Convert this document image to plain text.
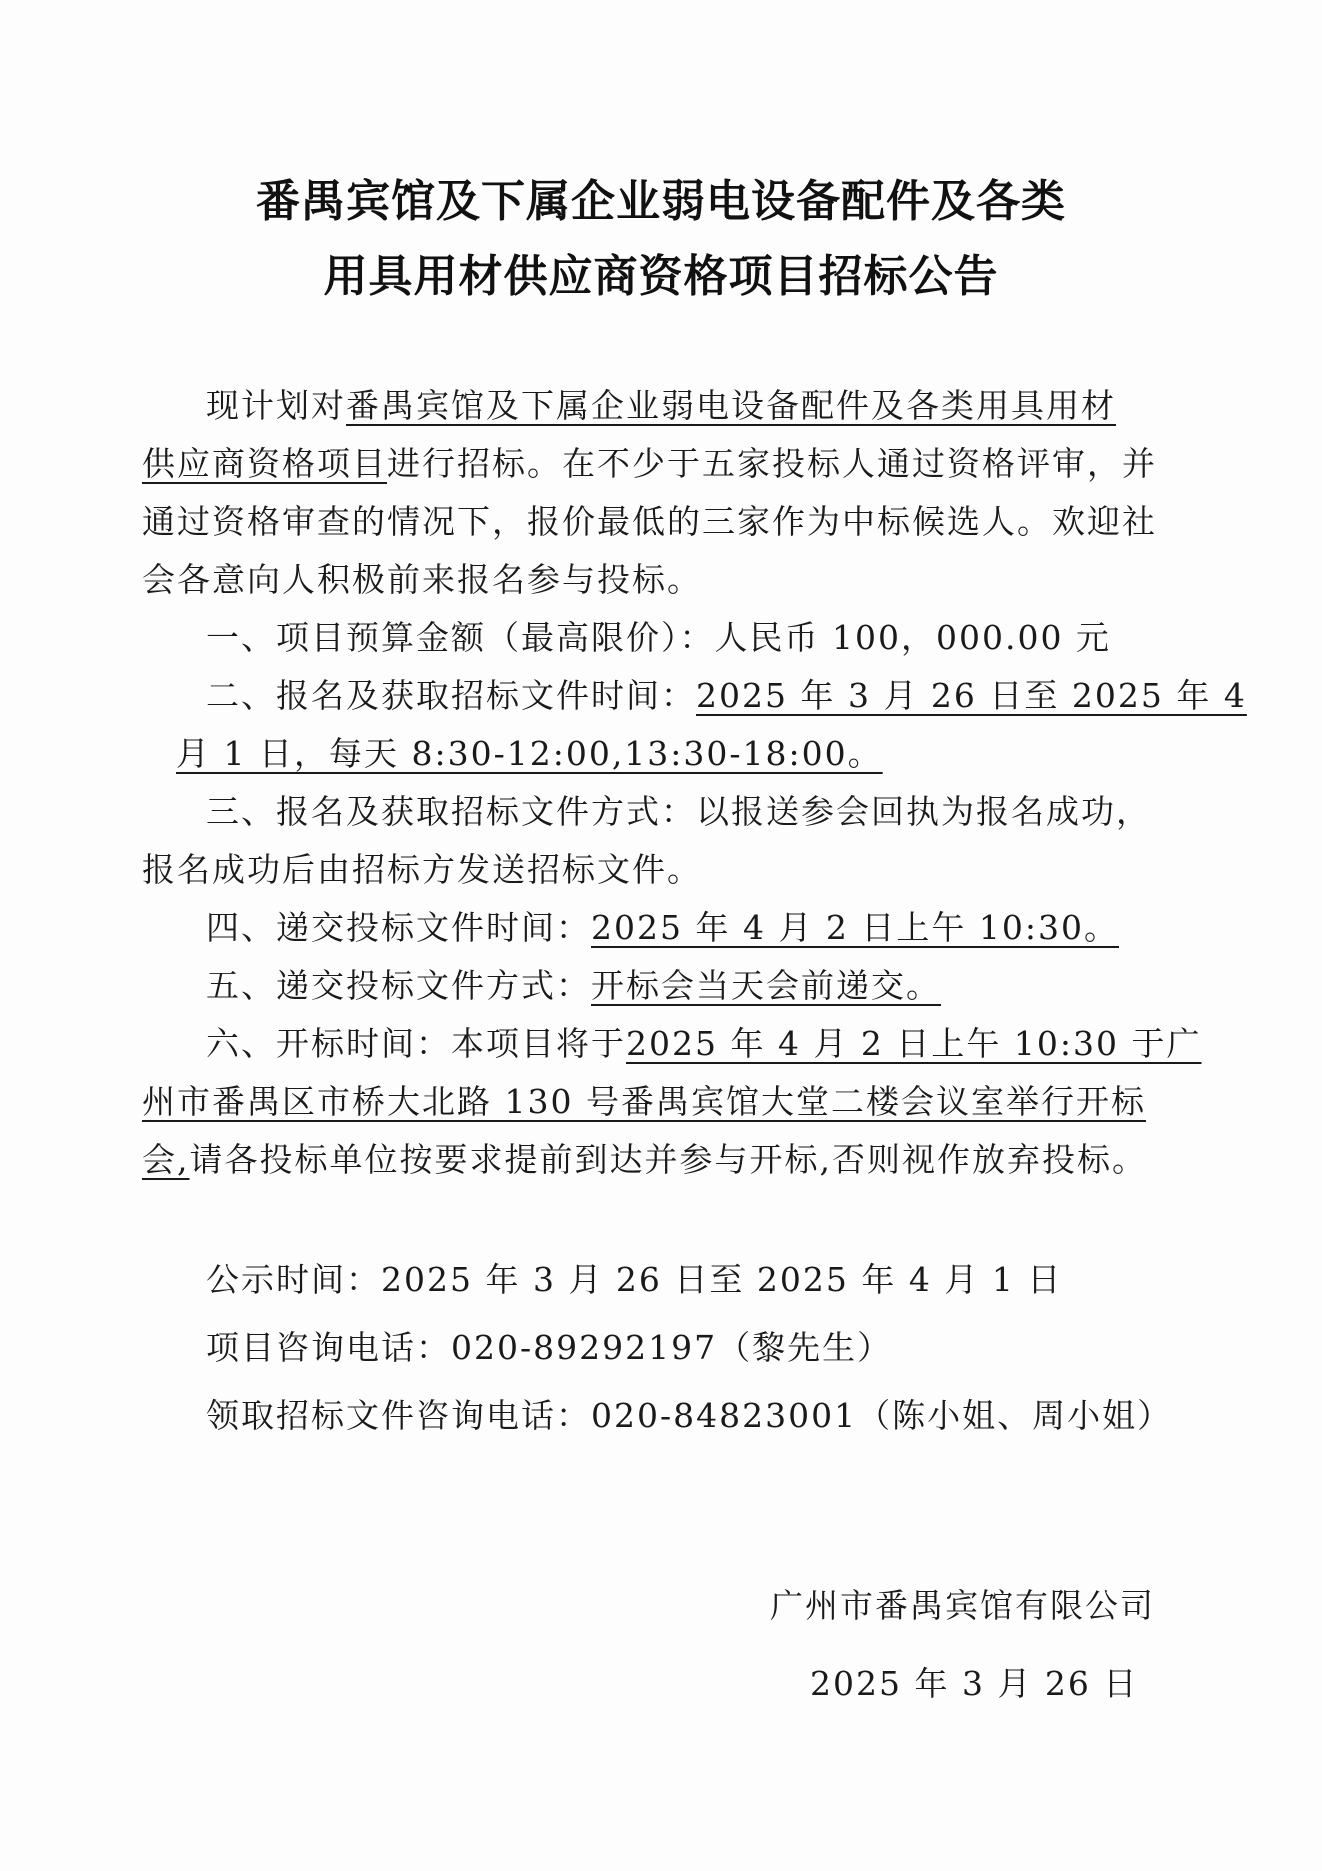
番禺宾馆及下属企业弱电设备配件及各类
用具用材供应商资格项目招标公告
现计划对番禺宾馆及下属企业弱电设备配件及各类用具用材
供应商资格项目进行招标。在不少于五家投标人通过资格评审，并
通过资格审查的情况下，报价最低的三家作为中标候选人。欢迎社
会各意向人积极前来报名参与投标。
一、项目预算金额（最高限价）：人民币 100，000.00 元
二、报名及获取招标文件时间：2025 年 3 月 26 日至 2025 年 4
月 1 日，每天 8:30-12:00,13:30-18:00。
三、报名及获取招标文件方式：以报送参会回执为报名成功，
报名成功后由招标方发送招标文件。
四、递交投标文件时间：2025 年 4 月 2 日上午 10:30。
五、递交投标文件方式：开标会当天会前递交。
六、开标时间：本项目将于2025 年 4 月 2 日上午 10:30 于广
州市番禺区市桥大北路 130 号番禺宾馆大堂二楼会议室举行开标
会,请各投标单位按要求提前到达并参与开标,否则视作放弃投标。
公示时间：2025 年 3 月 26 日至 2025 年 4 月 1 日
项目咨询电话：020-89292197（黎先生）
领取招标文件咨询电话：020-84823001（陈小姐、周小姐）
广州市番禺宾馆有限公司
2025 年 3 月 26 日
